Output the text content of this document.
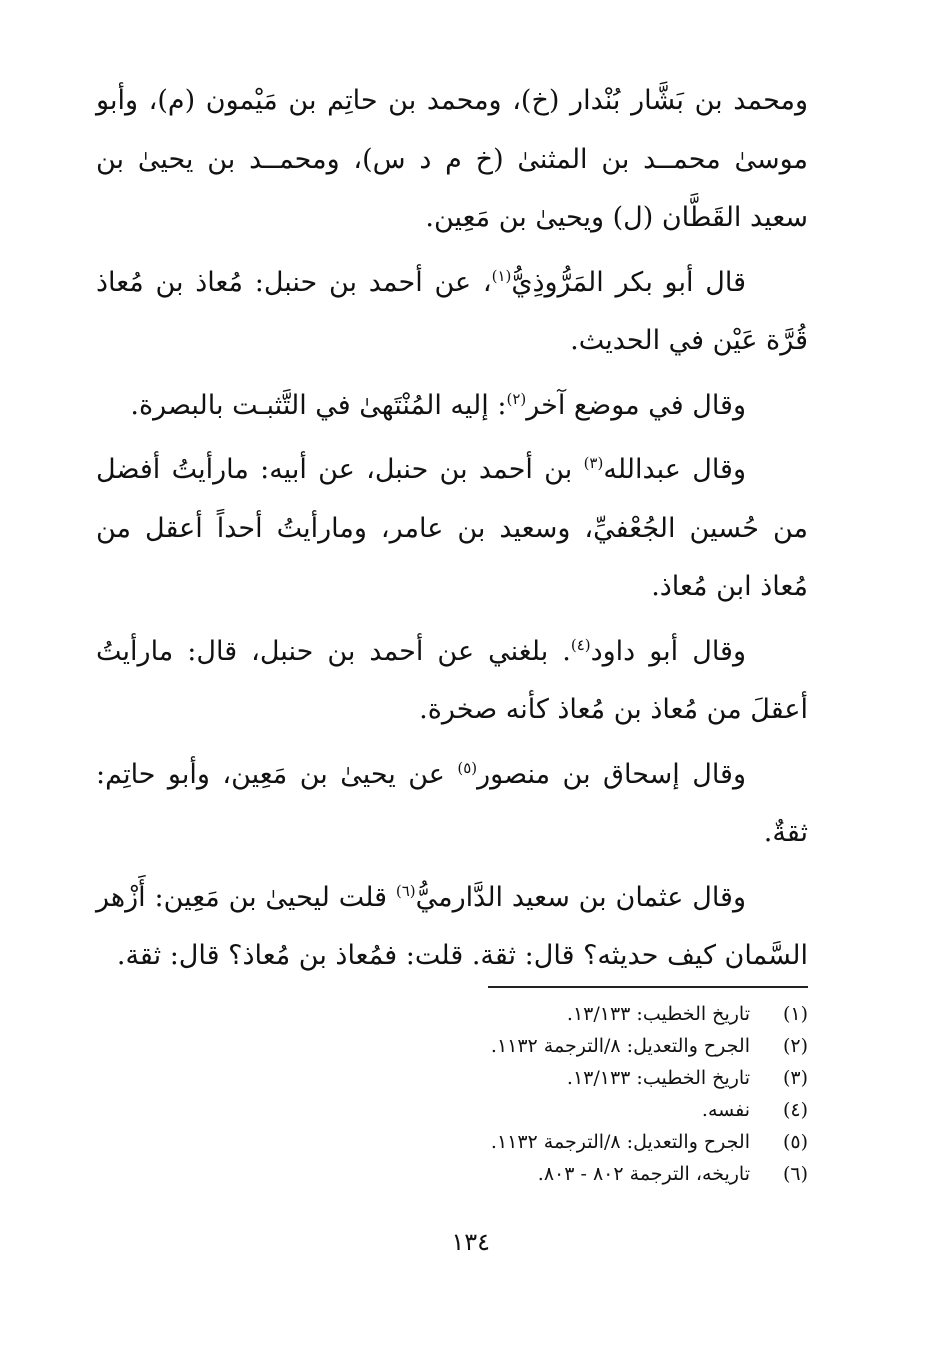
ومحمد بن بَشَّار بُنْدار (خ)، ومحمد بن حاتِم بن مَيْمون (م)، وأبو موسىٰ محمــد بن المثنىٰ (خ م د س)، ومحمــد بن يحيىٰ بن سعيد القَطَّان (ل) ويحيىٰ بن مَعِين.

قال أبو بكر المَرُّوذِيُّ$^{(١)}$، عن أحمد بن حنبل: مُعاذ بن مُعاذ قُرَّة عَيْن في الحديث.

وقال في موضع آخر$^{(٢)}$: إليه المُنْتَهىٰ في التَّثبـت بالبصرة.

وقال عبدالله$^{(٣)}$ بن أحمد بن حنبل، عن أبيه: مارأيتُ أفضل من حُسين الجُعْفيِّ، وسعيد بن عامر، ومارأيتُ أحداً أعقل من مُعاذ ابن مُعاذ.

وقال أبو داود$^{(٤)}$. بلغني عن أحمد بن حنبل، قال: مارأيتُ أعقلَ من مُعاذ بن مُعاذ كأنه صخرة.

وقال إسحاق بن منصور$^{(٥)}$ عن يحيىٰ بن مَعِين، وأبو حاتِم: ثقةٌ.

وقال عثمان بن سعيد الدَّارميُّ$^{(٦)}$ قلت ليحيىٰ بن مَعِين: أَزْهر السَّمان كيف حديثه؟ قال: ثقة. قلت: فمُعاذ بن مُعاذ؟ قال: ثقة.

(١)
تاريخ الخطيب: ١٣/١٣٣.
(٢)
الجرح والتعديل: ٨/الترجمة ١١٣٢.
(٣)
تاريخ الخطيب: ١٣/١٣٣.
(٤)
نفسه.
(٥)
الجرح والتعديل: ٨/الترجمة ١١٣٢.
(٦)
تاريخه، الترجمة ٨٠٢ - ٨٠٣.
١٣٤
